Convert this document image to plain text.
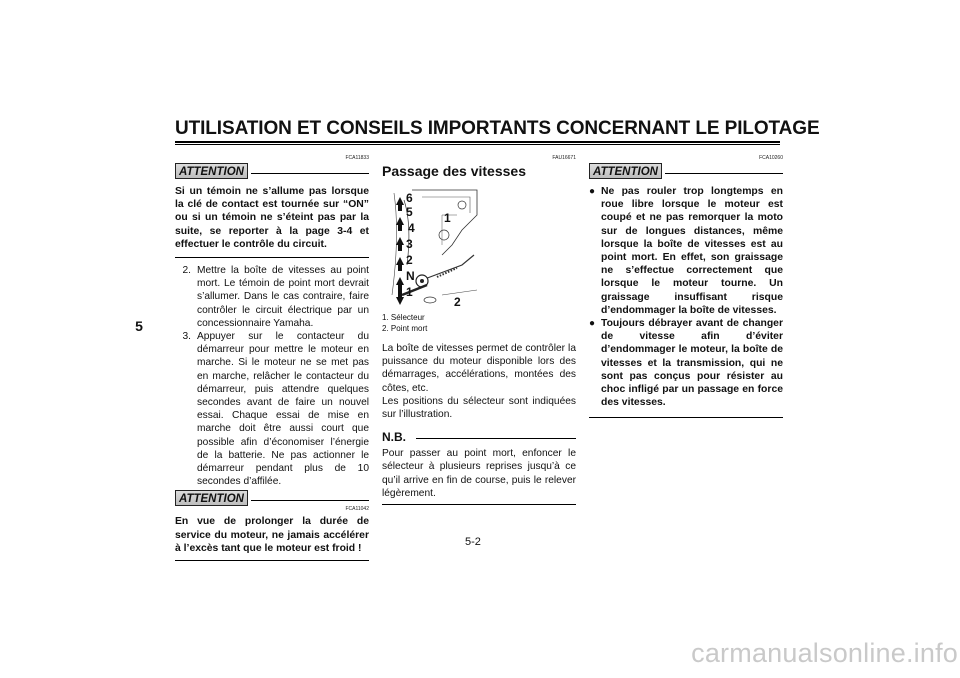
UTILISATION ET CONSEILS IMPORTANTS CONCERNANT LE PILOTAGE
5
FCA11833
ATTENTION
Si un témoin ne s’allume pas lorsque la clé de contact est tournée sur “ON” ou si un témoin ne s’éteint pas par la suite, se reporter à la page 3-4 et effectuer le contrôle du circuit.
2. Mettre la boîte de vitesses au point mort. Le témoin de point mort devrait s’allumer. Dans le cas contraire, faire contrôler le circuit électrique par un concessionnaire Yamaha.
3. Appuyer sur le contacteur du démarreur pour mettre le moteur en marche. Si le moteur ne se met pas en marche, relâcher le contacteur du démarreur, puis attendre quelques secondes avant de faire un nouvel essai. Chaque essai de mise en marche doit être aussi court que possible afin d’économiser l’énergie de la batterie. Ne pas actionner le démarreur pendant plus de 10 secondes d’affilée.
ATTENTION
FCA11042
En vue de prolonger la durée de service du moteur, ne jamais accélérer à l’excès tant que le moteur est froid !
FAU16671
Passage des vitesses
6
5
4
3
2
N
1
1
2
1. Sélecteur
2. Point mort
La boîte de vitesses permet de contrôler la puissance du moteur disponible lors des démarrages, accélérations, montées des côtes, etc.
Les positions du sélecteur sont indiquées sur l’illustration.
N.B.
Pour passer au point mort, enfoncer le sélecteur à plusieurs reprises jusqu’à ce qu’il arrive en fin de course, puis le relever légèrement.
FCA10260
ATTENTION
● Ne pas rouler trop longtemps en roue libre lorsque le moteur est coupé et ne pas remorquer la moto sur de longues distances, même lorsque la boîte de vitesses est au point mort. En effet, son graissage ne s’effectue correctement que lorsque le moteur tourne. Un graissage insuffisant risque d’endommager la boîte de vitesses.
● Toujours débrayer avant de changer de vitesse afin d’éviter d’endommager le moteur, la boîte de vitesses et la transmission, qui ne sont pas conçus pour résister au choc infligé par un passage en force des vitesses.
5-2
carmanualsonline.info
